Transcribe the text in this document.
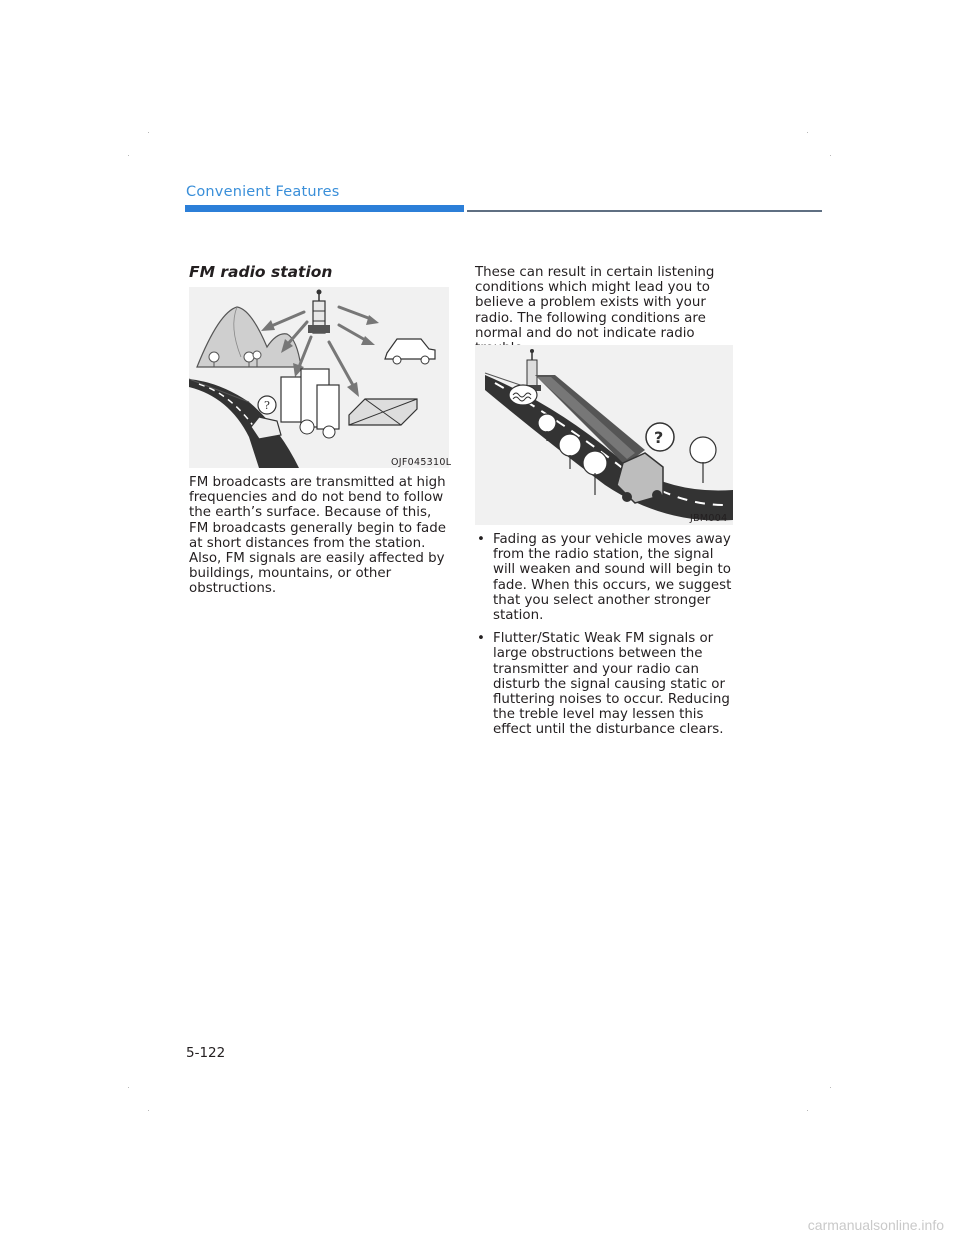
Convenient Features
FM radio station
?
OJF045310L
FM broadcasts are transmitted at high frequencies and do not bend to follow the earth’s surface. Because of this, FM broadcasts generally begin to fade at short distances from the station. Also, FM signals are easily affected by buildings, mountains, or other obstructions.
These can result in certain listening conditions which might lead you to believe a problem exists with your radio. The following conditions are normal and do not indicate radio
?
JBM004
• Fading as your vehicle moves away from the radio station, the signal will weaken and sound will begin to fade. When this occurs, we suggest that you select another stronger station.
• Flutter/Static Weak FM signals or large obstructions between the transmitter and your radio can disturb the signal causing static or fluttering noises to occur. Reducing the treble level may lessen this effect until the disturbance clears.
5-122
carmanualsonline.info
